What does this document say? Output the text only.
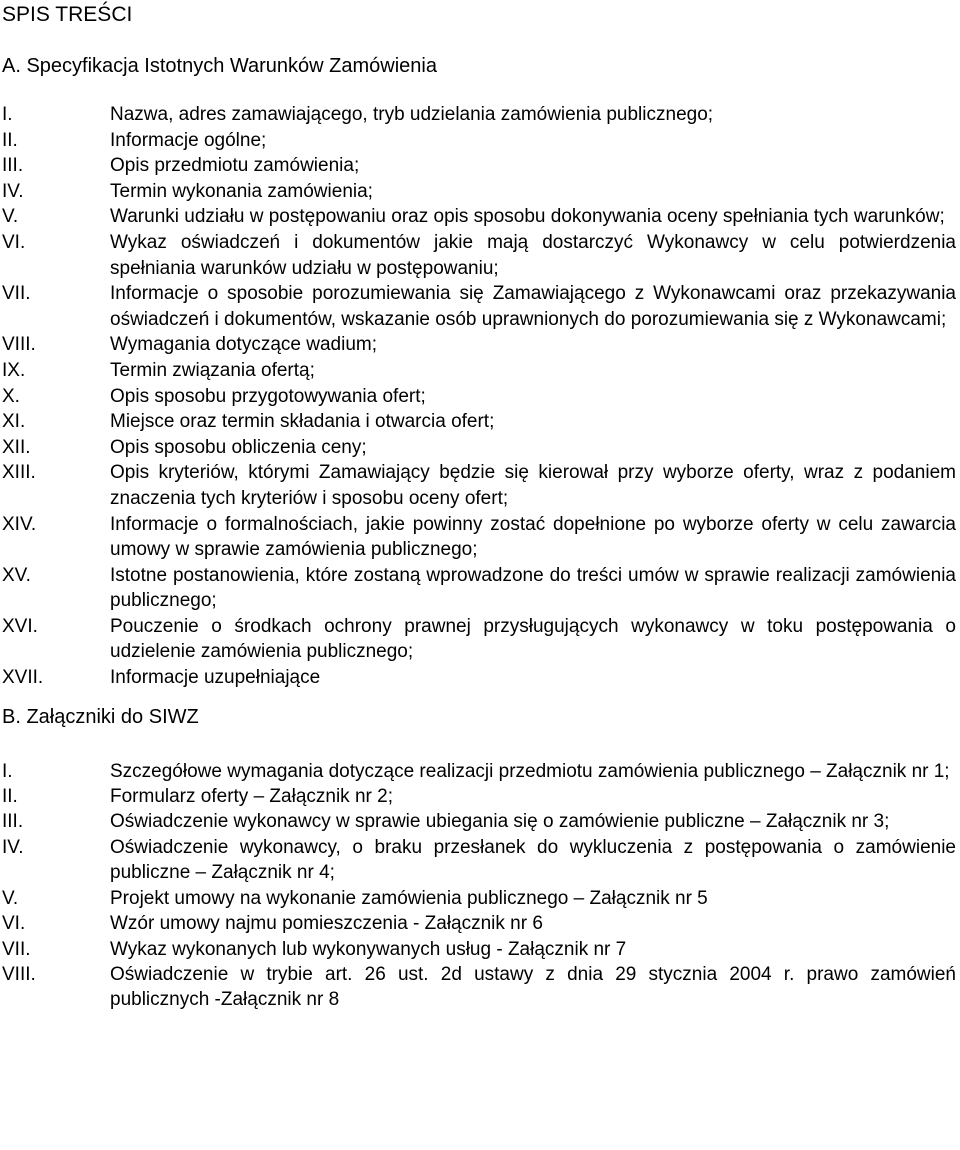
SPIS TREŚCI
A. Specyfikacja Istotnych Warunków Zamówienia
I.	Nazwa, adres zamawiającego, tryb udzielania zamówienia publicznego;
II.	Informacje ogólne;
III.	Opis przedmiotu zamówienia;
IV.	Termin wykonania zamówienia;
V.	Warunki udziału w postępowaniu oraz opis sposobu dokonywania oceny spełniania tych warunków;
VI.	Wykaz oświadczeń i dokumentów jakie mają dostarczyć Wykonawcy w celu potwierdzenia spełniania warunków udziału w postępowaniu;
VII.	Informacje o sposobie porozumiewania się Zamawiającego z Wykonawcami oraz przekazywania oświadczeń i dokumentów, wskazanie osób uprawnionych do porozumiewania się z Wykonawcami;
VIII.	Wymagania dotyczące wadium;
IX.	Termin związania ofertą;
X.	Opis sposobu przygotowywania ofert;
XI.	Miejsce oraz termin składania i otwarcia ofert;
XII.	Opis sposobu obliczenia ceny;
XIII.	Opis kryteriów, którymi Zamawiający będzie się kierował przy wyborze oferty, wraz z podaniem znaczenia tych kryteriów i sposobu oceny ofert;
XIV.	Informacje o formalnościach, jakie powinny zostać dopełnione po wyborze oferty w celu zawarcia umowy w sprawie zamówienia publicznego;
XV.	Istotne postanowienia, które zostaną wprowadzone do treści umów w sprawie realizacji zamówienia publicznego;
XVI.	Pouczenie o środkach ochrony prawnej przysługujących wykonawcy w toku postępowania o udzielenie zamówienia publicznego;
XVII.	Informacje uzupełniające
B. Załączniki do SIWZ
I.	Szczegółowe wymagania dotyczące realizacji przedmiotu zamówienia publicznego – Załącznik nr 1;
II.	Formularz oferty – Załącznik nr 2;
III.	Oświadczenie wykonawcy w sprawie ubiegania się o zamówienie publiczne – Załącznik nr 3;
IV.	Oświadczenie wykonawcy, o braku przesłanek do wykluczenia z postępowania o zamówienie publiczne – Załącznik nr 4;
V.	Projekt umowy na wykonanie zamówienia publicznego – Załącznik nr 5
VI.	Wzór umowy najmu pomieszczenia - Załącznik nr 6
VII.	Wykaz wykonanych lub wykonywanych usług - Załącznik nr 7
VIII.	Oświadczenie w trybie art. 26 ust. 2d ustawy z dnia 29 stycznia 2004 r. prawo zamówień publicznych -Załącznik nr 8
